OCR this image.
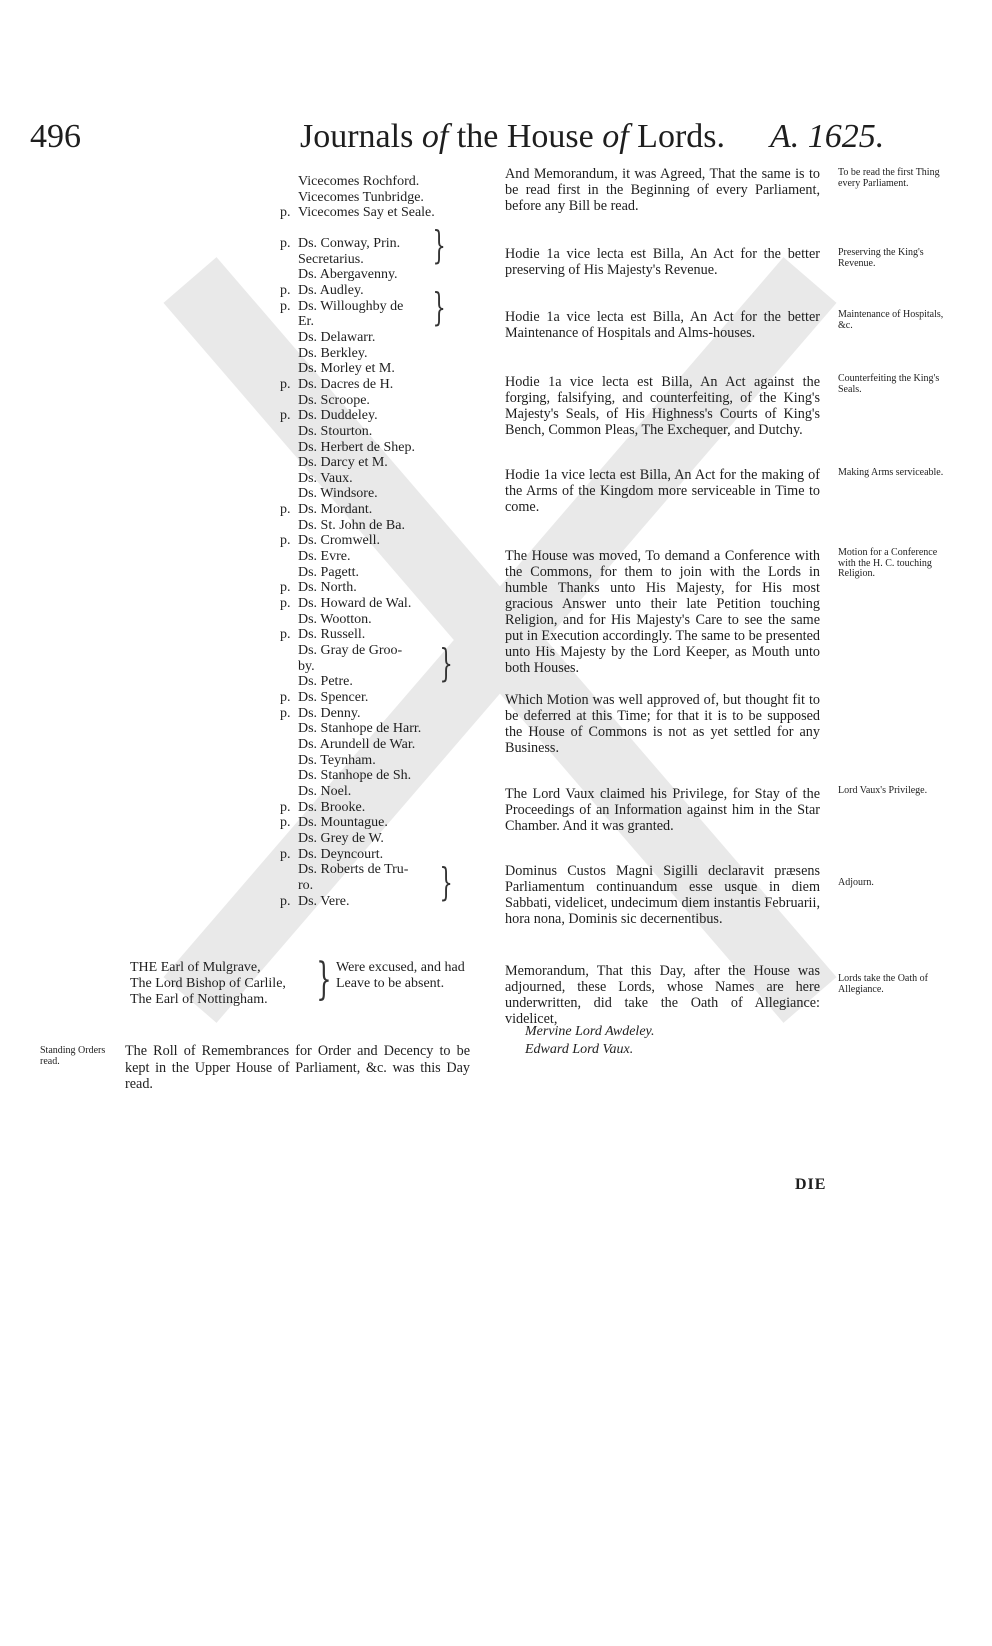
496	Journals of the House of Lords. A. 1625.
Vicecomes Rochford.
Vicecomes Tunbridge.
p. Vicecomes Say et Seale.
p. Ds. Conway, Prin.
Secretarius.
Ds. Abergavenny.
p. Ds. Audley.
p. Ds. Willoughby de
Er.
Ds. Delawarr.
Ds. Berkley.
Ds. Morley et M.
p. Ds. Dacres de H.
Ds. Scroope.
p. Ds. Duddeley.
Ds. Stourton.
Ds. Herbert de Shep.
Ds. Darcy et M.
Ds. Vaux.
Ds. Windsore.
p. Ds. Mordant.
Ds. St. John de Ba.
p. Ds. Cromwell.
Ds. Evre.
Ds. Pagett.
p. Ds. North.
p. Ds. Howard de Wal.
Ds. Wootton.
p. Ds. Russell.
Ds. Gray de Groo-
by.
Ds. Petre.
p. Ds. Spencer.
p. Ds. Denny.
Ds. Stanhope de Harr.
Ds. Arundell de War.
Ds. Teynham.
Ds. Stanhope de Sh.
Ds. Noel.
p. Ds. Brooke.
p. Ds. Mountague.
Ds. Grey de W.
p. Ds. Deyncourt.
Ds. Roberts de Tru-
ro.
p. Ds. Vere.
}
}
}
}

And Memorandum, it was Agreed, That the same is to be read first in the Beginning of every Parliament, before any Bill be read.

To be read the first Thing every Parliament.

Hodie 1a vice lecta est Billa, An Act for the better preserving of His Majesty's Revenue.

Preserving the King's Revenue.

Hodie 1a vice lecta est Billa, An Act for the better Maintenance of Hospitals and Alms-houses.

Maintenance of Hospitals, &c.

Hodie 1a vice lecta est Billa, An Act against the forging, falsifying, and counterfeiting, of the King's Majesty's Seals, of His Highness's Courts of King's Bench, Common Pleas, The Exchequer, and Dutchy.

Counterfeiting the King's Seals.

Hodie 1a vice lecta est Billa, An Act for the making of the Arms of the Kingdom more serviceable in Time to come.

Making Arms serviceable.

The House was moved, To demand a Conference with the Commons, for them to join with the Lords in humble Thanks unto His Majesty, for His most gracious Answer unto their late Petition touching Religion, and for His Majesty's Care to see the same put in Execution accordingly. The same to be presented unto His Majesty by the Lord Keeper, as Mouth unto both Houses.

Motion for a Conference with the H. C. touching Religion.

Which Motion was well approved of, but thought fit to be deferred at this Time; for that it is to be supposed the House of Commons is not as yet settled for any Business.

The Lord Vaux claimed his Privilege, for Stay of the Proceedings of an Information against him in the Star Chamber. And it was granted.

Lord Vaux's Privilege.

Dominus Custos Magni Sigilli declaravit præsens Parliamentum continuandum esse usque in diem Sabbati, videlicet, undecimum diem instantis Februarii, hora nona, Dominis sic decernentibus.

Adjourn.

Memorandum, That this Day, after the House was adjourned, these Lords, whose Names are here underwritten, did take the Oath of Allegiance: videlicet,

Lords take the Oath of Allegiance.
Mervine Lord Awdeley.
Edward Lord Vaux.
THE Earl of Mulgrave,
The Lord Bishop of Carlile,
The Earl of Nottingham.	} Were excused, and had Leave to be absent.
Standing Orders read.
The Roll of Remembrances for Order and Decency to be kept in the Upper House of Parliament, &c. was this Day read.
DIE
